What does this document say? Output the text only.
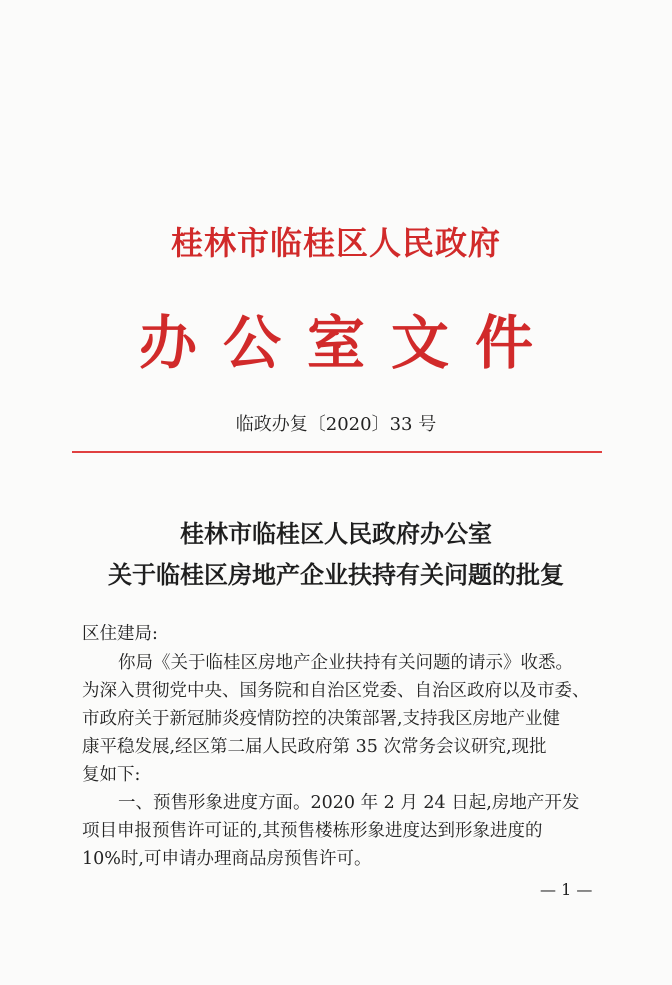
桂林市临桂区人民政府
办公室文件
临政办复〔2020〕33 号
桂林市临桂区人民政府办公室
关于临桂区房地产企业扶持有关问题的批复
区住建局:
你局《关于临桂区房地产企业扶持有关问题的请示》收悉。
为深入贯彻党中央、国务院和自治区党委、自治区政府以及市委、
市政府关于新冠肺炎疫情防控的决策部署,支持我区房地产业健
康平稳发展,经区第二届人民政府第 35 次常务会议研究,现批
复如下:
一、预售形象进度方面。2020 年 2 月 24 日起,房地产开发
项目申报预售许可证的,其预售楼栋形象进度达到形象进度的
10%时,可申请办理商品房预售许可。
— 1 —
